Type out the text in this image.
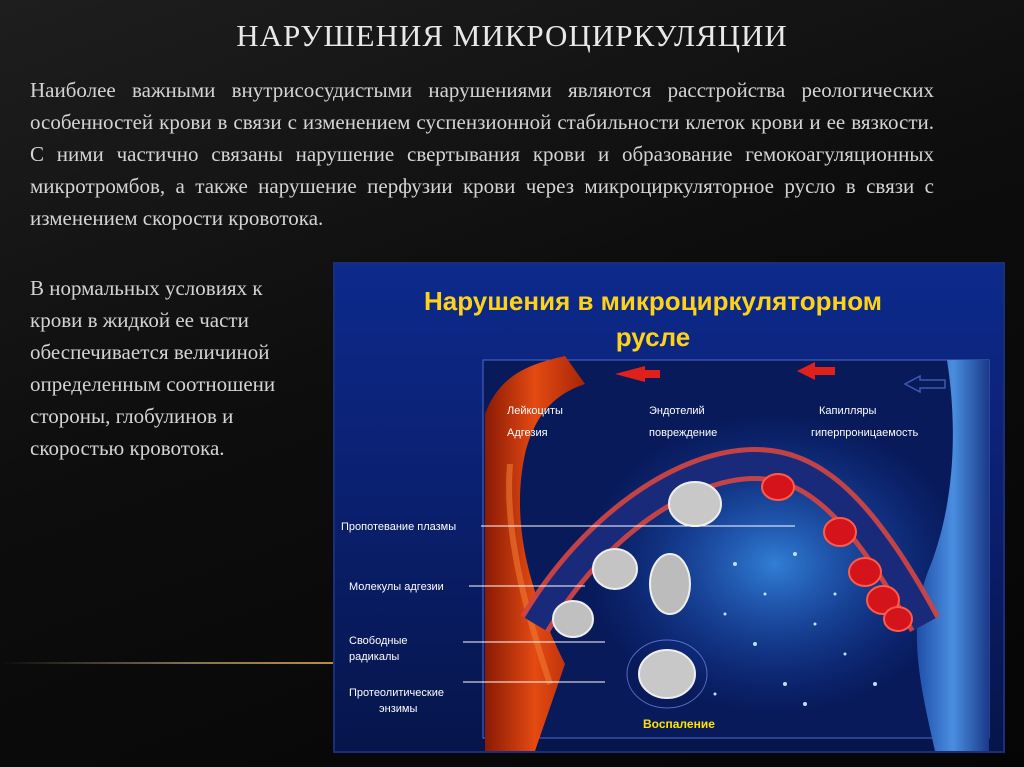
НАРУШЕНИЯ МИКРОЦИРКУЛЯЦИИ
Наиболее важными внутрисосудистыми нарушениями являются расстройства реологических особенностей крови в связи с изменением суспензионной стабильности клеток крови и ее вязкости. С ними частично связаны нарушение свертывания крови и образование гемокоагуляционных микротромбов, а также нарушение перфузии крови через микроциркуляторное русло в связи с изменением скорости кровотока.
В нормальных условиях к
крови в жидкой ее части
обеспечивается величиной
определенным соотношени
стороны, глобулинов и
скоростью кровотока.
Нарушения в микроциркуляторном
русле
Лейкоциты
Адгезия
Эндотелий
повреждение
Капилляры
гиперпроницаемость
Пропотевание плазмы
Молекулы адгезии
Свободные
радикалы
Протеолитические
энзимы
Воспаление
